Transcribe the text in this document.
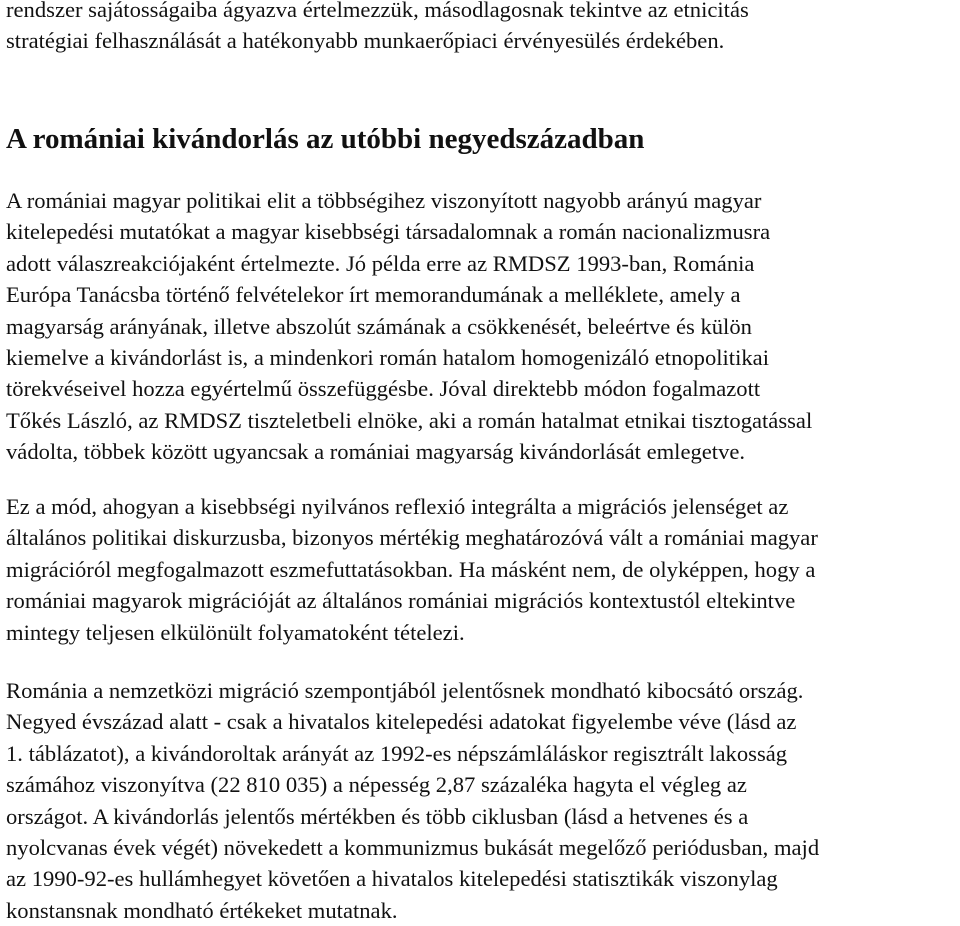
rendszer sajátosságaiba ágyazva értelmezzük, másodlagosnak tekintve az etnicitás
stratégiai felhasználását a hatékonyabb munkaerőpiaci érvényesülés érdekében.

A romániai kivándorlás az utóbbi negyedszázadban

A romániai magyar politikai elit a többségihez viszonyított nagyobb arányú magyar
kitelepedési mutatókat a magyar kisebbségi társadalomnak a román nacionalizmusra
adott válaszreakciójaként értelmezte. Jó példa erre az RMDSZ 1993-ban, Románia
Európa Tanácsba történő felvételekor írt memorandumának a melléklete, amely a
magyarság arányának, illetve abszolút számának a csökkenését, beleértve és külön
kiemelve a kivándorlást is, a mindenkori román hatalom homogenizáló etnopolitikai
törekvéseivel hozza egyértelmű összefüggésbe. Jóval direktebb módon fogalmazott
Tőkés László, az RMDSZ tiszteletbeli elnöke, aki a román hatalmat etnikai tisztogatással
vádolta, többek között ugyancsak a romániai magyarság kivándorlását emlegetve.

Ez a mód, ahogyan a kisebbségi nyilvános reflexió integrálta a migrációs jelenséget az
általános politikai diskurzusba, bizonyos mértékig meghatározóvá vált a romániai magyar
migrációról megfogalmazott eszmefuttatásokban. Ha másként nem, de olyképpen, hogy a
romániai magyarok migrációját az általános romániai migrációs kontextustól eltekintve
mintegy teljesen elkülönült folyamatoként tételezi.

Románia a nemzetközi migráció szempontjából jelentősnek mondható kibocsátó ország.
Negyed évszázad alatt - csak a hivatalos kitelepedési adatokat figyelembe véve (lásd az
1. táblázatot), a kivándoroltak arányát az 1992-es népszámláláskor regisztrált lakosság
számához viszonyítva (22 810 035) a népesség 2,87 százaléka hagyta el végleg az
országot. A kivándorlás jelentős mértékben és több ciklusban (lásd a hetvenes és a
nyolcvanas évek végét) növekedett a kommunizmus bukását megelőző periódusban, majd
az 1990-92-es hullámhegyet követően a hivatalos kitelepedési statisztikák viszonylag
konstansnak mondható értékeket mutatnak.
